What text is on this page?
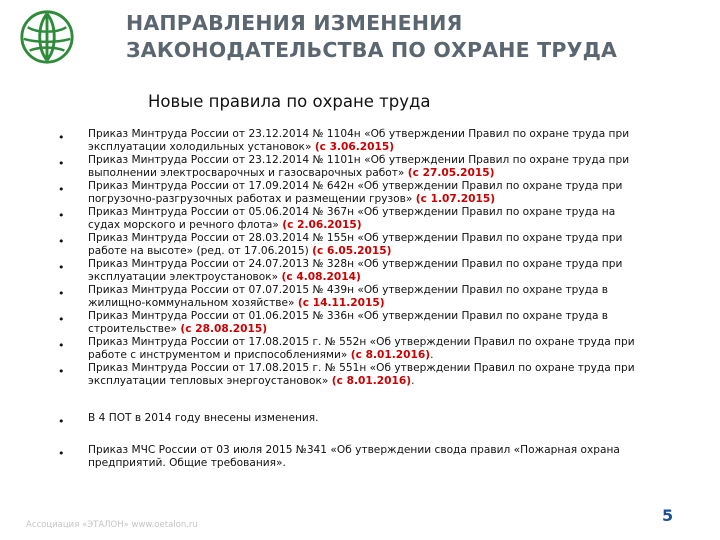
НАПРАВЛЕНИЯ ИЗМЕНЕНИЯ
ЗАКОНОДАТЕЛЬСТВА ПО ОХРАНЕ ТРУДА
Новые правила по охране труда
• Приказ Минтруда России от 23.12.2014 № 1104н «Об утверждении Правил по охране труда при
эксплуатации холодильных установок» (с 3.06.2015)
• Приказ Минтруда России от 23.12.2014 № 1101н «Об утверждении Правил по охране труда при
выполнении электросварочных и газосварочных работ» (с 27.05.2015)
• Приказ Минтруда России от 17.09.2014 № 642н «Об утверждении Правил по охране труда при
погрузочно-разгрузочных работах и размещении грузов» (с 1.07.2015)
• Приказ Минтруда России от 05.06.2014 № 367н «Об утверждении Правил по охране труда на
судах морского и речного флота» (с 2.06.2015)
• Приказ Минтруда России от 28.03.2014 № 155н «Об утверждении Правил по охране труда при
работе на высоте» (ред. от 17.06.2015) (с 6.05.2015)
• Приказ Минтруда России от 24.07.2013 № 328н «Об утверждении Правил по охране труда при
эксплуатации электроустановок» (с 4.08.2014)
• Приказ Минтруда России от 07.07.2015 № 439н «Об утверждении Правил по охране труда в
жилищно-коммунальном хозяйстве» (с 14.11.2015)
• Приказ Минтруда России от 01.06.2015 № 336н «Об утверждении Правил по охране труда в
строительстве» (с 28.08.2015)
• Приказ Минтруда России от 17.08.2015 г. № 552н «Об утверждении Правил по охране труда при
работе с инструментом и приспособлениями» (с 8.01.2016).
• Приказ Минтруда России от 17.08.2015 г. № 551н «Об утверждении Правил по охране труда при
эксплуатации тепловых энергоустановок» (с 8.01.2016).
• В 4 ПОТ в 2014 году внесены изменения.
• Приказ МЧС России от 03 июля 2015 №341 «Об утверждении свода правил «Пожарная охрана
предприятий. Общие требования».
Ассоциация «ЭТАЛОН» www.oetalon.ru	5
